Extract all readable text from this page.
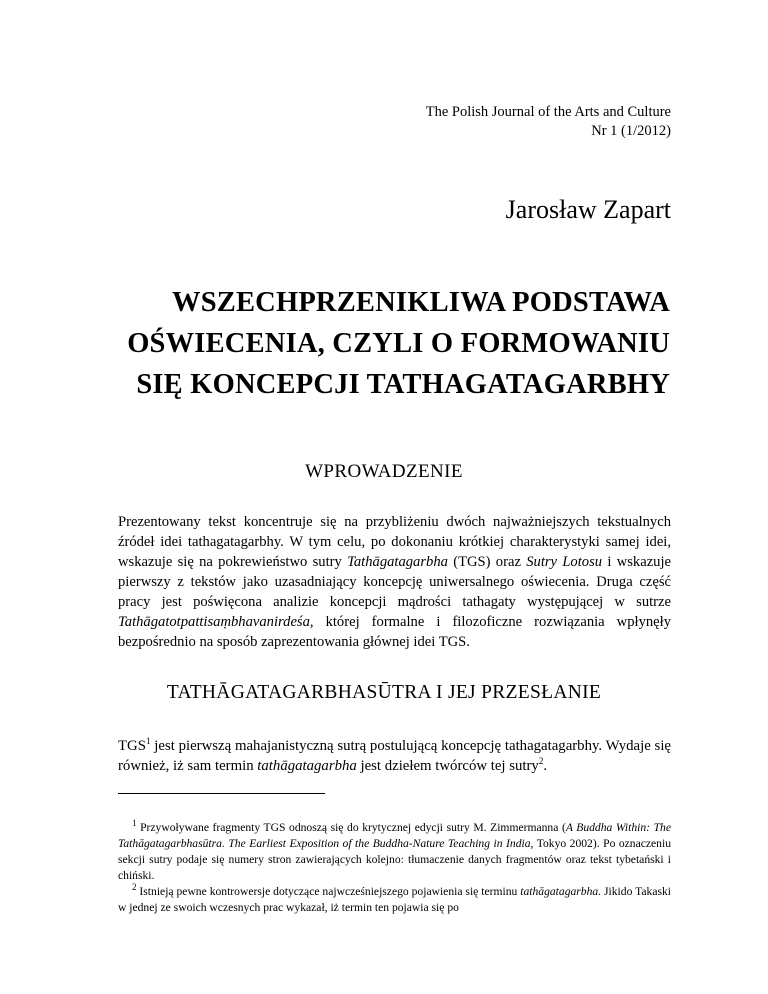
The Polish Journal of the Arts and Culture
Nr 1 (1/2012)
Jarosław Zapart
WSZECHPRZENIKLIWA PODSTAWA
OŚWIECENIA, CZYLI O FORMOWANIU
SIĘ KONCEPCJI TATHAGATAGARBHY
WPROWADZENIE

Prezentowany tekst koncentruje się na przybliżeniu dwóch najważniejszych tekstualnych źródeł idei tathagatagarbhy. W tym celu, po dokonaniu krótkiej charakterystyki samej idei, wskazuje się na pokrewieństwo sutry Tathāgatagarbha (TGS) oraz Sutry Lotosu i wskazuje pierwszy z tekstów jako uzasadniający koncepcję uniwersalnego oświecenia. Druga część pracy jest poświęcona analizie koncepcji mądrości tathagaty występującej w sutrze Tathāgatotpattisaṃbhavanirdeśa, której formalne i filozoficzne rozwiązania wpłynęły bezpośrednio na sposób zaprezentowania głównej idei TGS.

TATHĀGATAGARBHASŪTRA I JEJ PRZESŁANIE

TGS$^1$ jest pierwszą mahajanistyczną sutrą postulującą koncepcję tathagatagarbhy. Wydaje się również, iż sam termin tathāgatagarbha jest dziełem twórców tej sutry$^2$.

$^1$ Przywoływane fragmenty TGS odnoszą się do krytycznej edycji sutry M. Zimmermanna (A Buddha Within: The Tathāgatagarbhasūtra. The Earliest Exposition of the Buddha-Nature Teaching in India, Tokyo 2002). Po oznaczeniu sekcji sutry podaje się numery stron zawierających kolejno: tłumaczenie danych fragmentów oraz tekst tybetański i chiński.

$^2$ Istnieją pewne kontrowersje dotyczące najwcześniejszego pojawienia się terminu tathāgatagarbha. Jikido Takaski w jednej ze swoich wczesnych prac wykazał, iż termin ten pojawia się po
